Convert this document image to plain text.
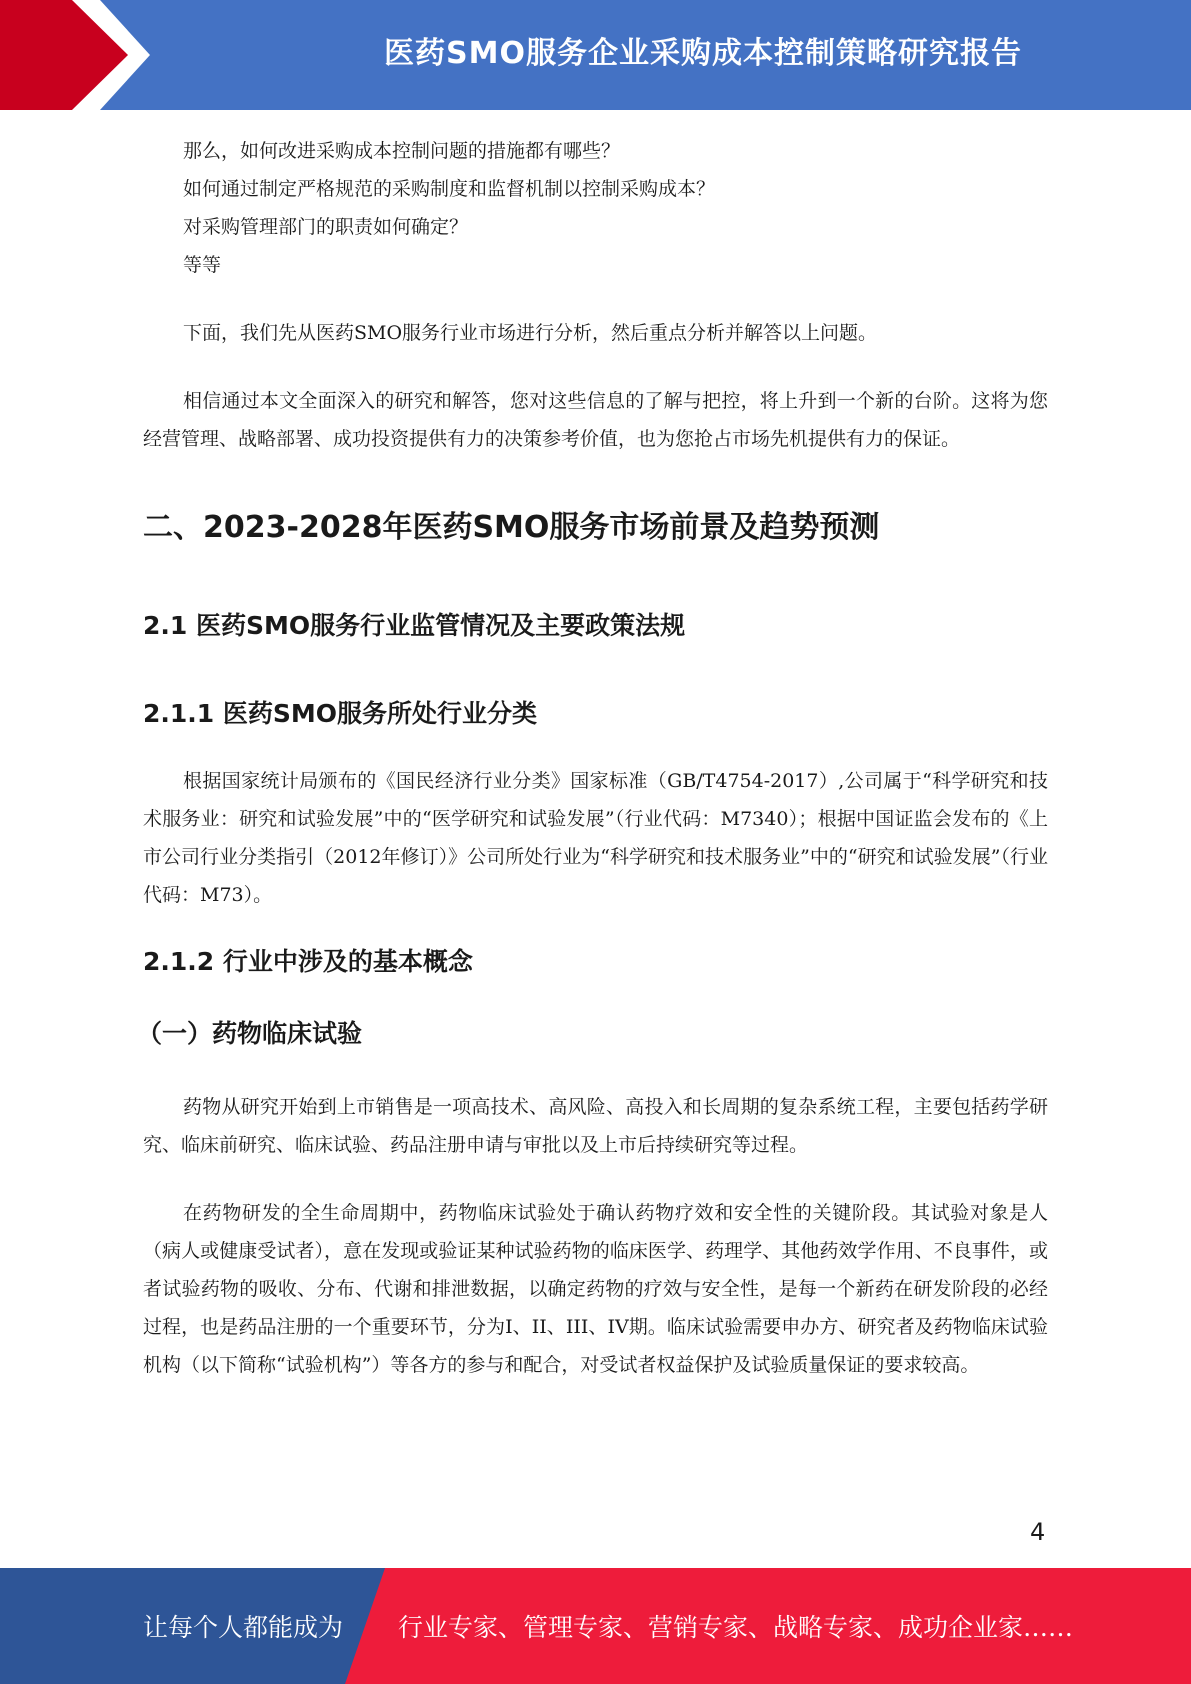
医药SMO服务企业采购成本控制策略研究报告

那么，如何改进采购成本控制问题的措施都有哪些？

如何通过制定严格规范的采购制度和监督机制以控制采购成本？

对采购管理部门的职责如何确定？

等等

下面，我们先从医药SMO服务行业市场进行分析，然后重点分析并解答以上问题。

相信通过本文全面深入的研究和解答，您对这些信息的了解与把控，将上升到一个新的台阶。这将为您经营管理、战略部署、成功投资提供有力的决策参考价值，也为您抢占市场先机提供有力的保证。

二、2023-2028年医药SMO服务市场前景及趋势预测
2.1 医药SMO服务行业监管情况及主要政策法规
2.1.1 医药SMO服务所处行业分类

根据国家统计局颁布的《国民经济行业分类》国家标准（GB/T4754-2017）,公司属于“科学研究和技术服务业：研究和试验发展”中的“医学研究和试验发展”（行业代码：M7340）；根据中国证监会发布的《上市公司行业分类指引（2012年修订）》公司所处行业为“科学研究和技术服务业”中的“研究和试验发展”（行业代码：M73）。

2.1.2 行业中涉及的基本概念
（一）药物临床试验

药物从研究开始到上市销售是一项高技术、高风险、高投入和长周期的复杂系统工程，主要包括药学研究、临床前研究、临床试验、药品注册申请与审批以及上市后持续研究等过程。

在药物研发的全生命周期中，药物临床试验处于确认药物疗效和安全性的关键阶段。其试验对象是人（病人或健康受试者），意在发现或验证某种试验药物的临床医学、药理学、其他药效学作用、不良事件，或者试验药物的吸收、分布、代谢和排泄数据，以确定药物的疗效与安全性，是每一个新药在研发阶段的必经过程，也是药品注册的一个重要环节，分为I、II、III、IV期。临床试验需要申办方、研究者及药物临床试验机构（以下简称“试验机构”）等各方的参与和配合，对受试者权益保护及试验质量保证的要求较高。

4
让每个人都能成为 行业专家、管理专家、营销专家、战略专家、成功企业家……
